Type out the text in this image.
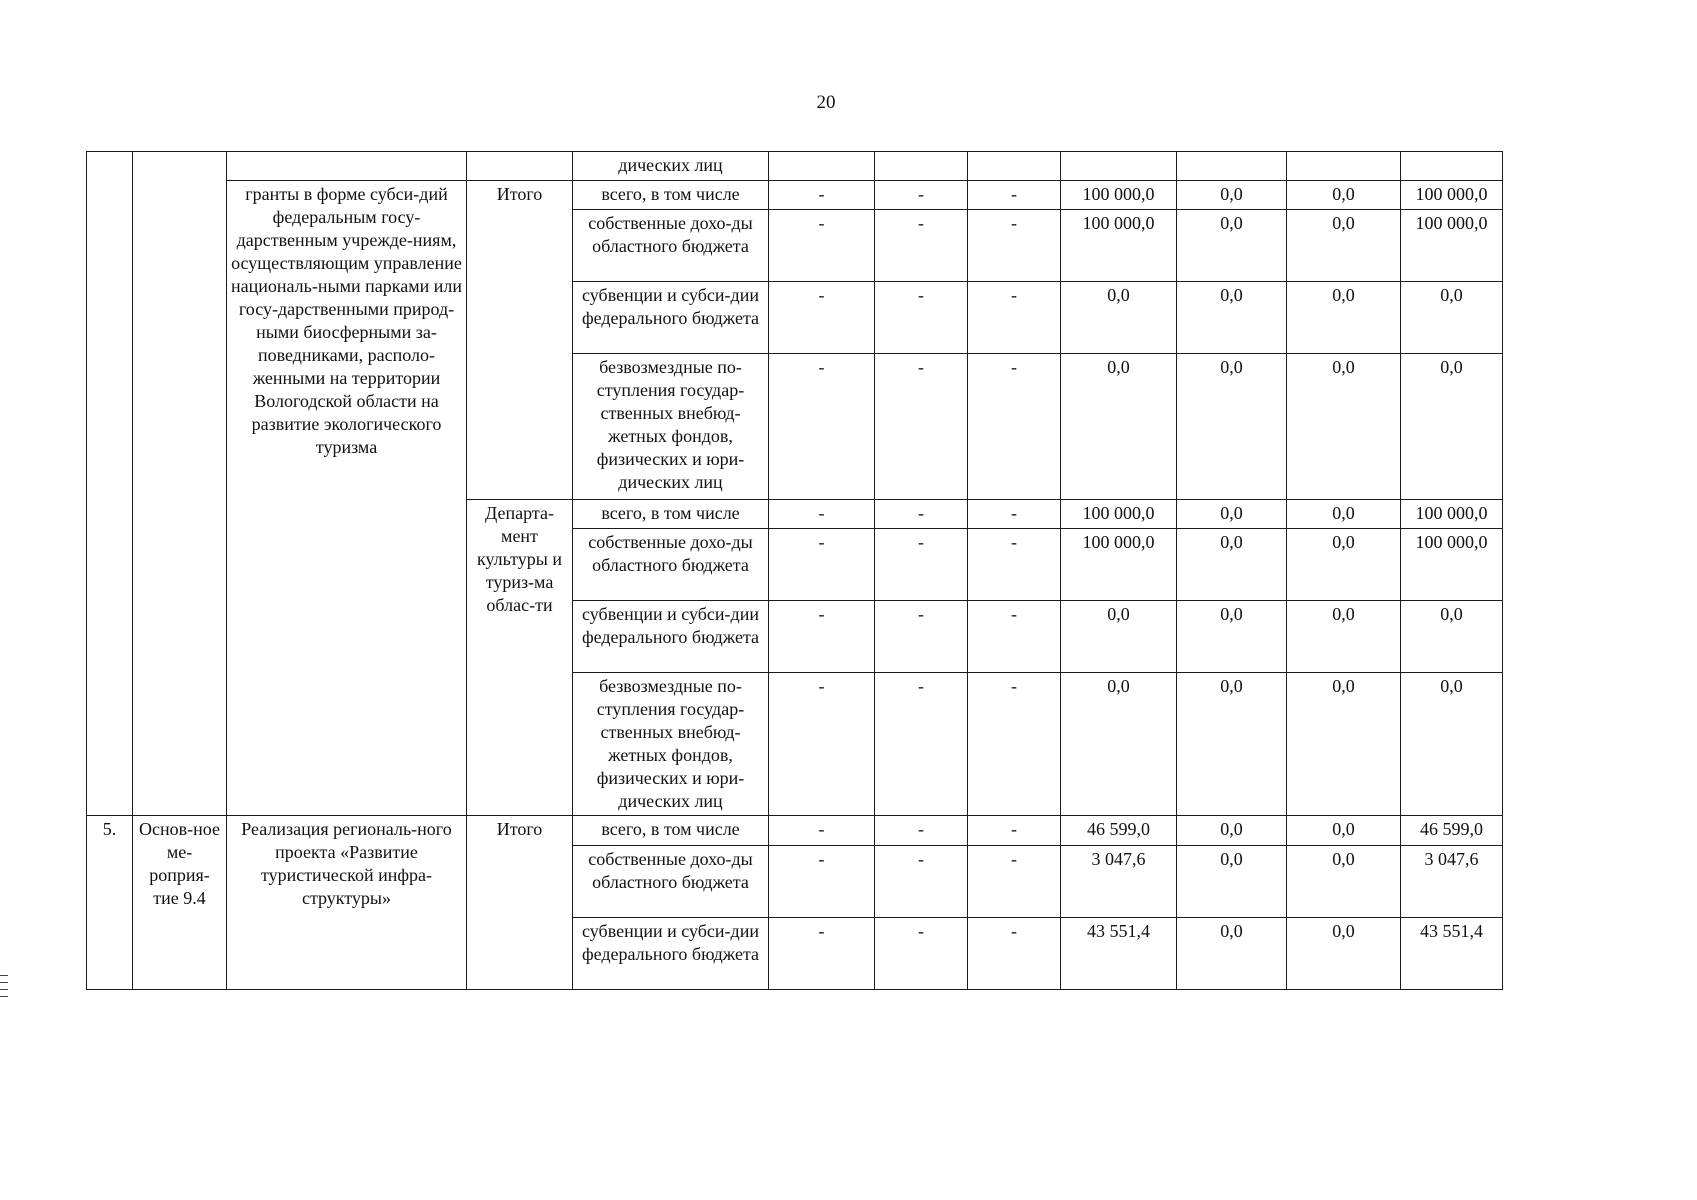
20
				дических лиц							
		гранты в форме субси-дий федеральным госу-дарственным учрежде-ниям, осуществляющим управление националь-ными парками или госу-дарственными природ-ными биосферными за-поведниками, располо-женными на территории Вологодской области на развитие экологического туризма	Итого	всего, в том числе	-	-	-	100 000,0	0,0	0,0	100 000,0
				собственные дохо-ды областного бюджета	-	-	-	100 000,0	0,0	0,0	100 000,0
				субвенции и субси-дии федерального бюджета	-	-	-	0,0	0,0	0,0	0,0
				безвозмездные по-ступления государ-ственных внебюд-жетных фондов, физических и юри-дических лиц	-	-	-	0,0	0,0	0,0	0,0
			Департа-мент культуры и туриз-ма облас-ти	всего, в том числе	-	-	-	100 000,0	0,0	0,0	100 000,0
				собственные дохо-ды областного бюджета	-	-	-	100 000,0	0,0	0,0	100 000,0
				субвенции и субси-дии федерального бюджета	-	-	-	0,0	0,0	0,0	0,0
				безвозмездные по-ступления государ-ственных внебюд-жетных фондов, физических и юри-дических лиц	-	-	-	0,0	0,0	0,0	0,0
5.	Основ-ное ме-роприя-тие 9.4	Реализация региональ-ного проекта «Развитие туристической инфра-структуры»	Итого	всего, в том числе	-	-	-	46 599,0	0,0	0,0	46 599,0
				собственные дохо-ды областного бюджета	-	-	-	3 047,6	0,0	0,0	3 047,6
				субвенции и субси-дии федерального бюджета	-	-	-	43 551,4	0,0	0,0	43 551,4
